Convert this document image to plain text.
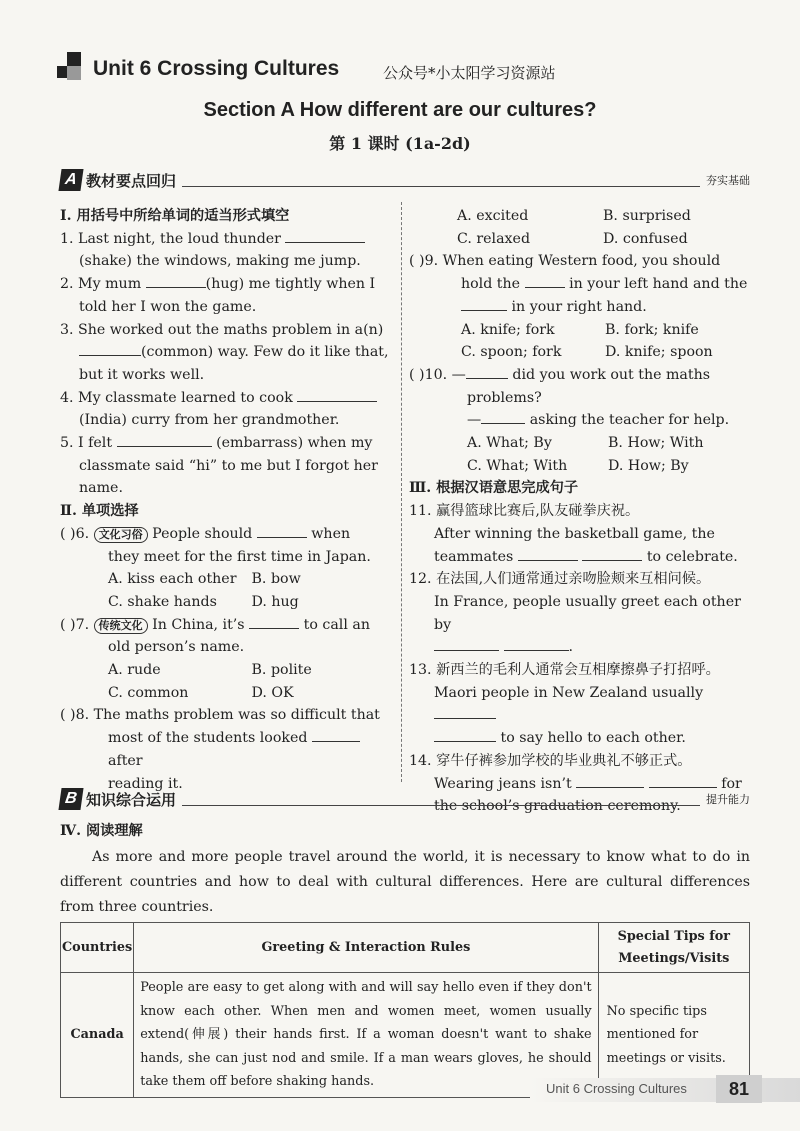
Unit 6 Crossing Cultures	公众号*小太阳学习资源站
Section A How different are our cultures?
第 1 课时 (1a-2d)
A 教材要点回归	夯实基础

Ⅰ. 用括号中所给单词的适当形式填空

1. Last night, the loud thunder

(shake) the windows, making me jump.

2. My mum	(hug) me tightly when I

told her I won the game.

3. She worked out the maths problem in a(n)

(common) way. Few do it like that,

but it works well.

4. My classmate learned to cook

(India) curry from her grandmother.

5. I felt	(embarrass) when my

classmate said “hi” to me but I forgot her

name.

Ⅱ. 单项选择

( )6. 文化习俗 People should	when

they meet for the first time in Japan.

A. kiss each other	B. bow
C. shake hands	D. hug

( )7. 传统文化 In China, it’s	to call an

old person’s name.

A. rude	B. polite
C. common	D. OK

( )8. The maths problem was so difficult that

most of the students looked  after

reading it.

A. excited	B. surprised
C. relaxed	D. confused

( )9. When eating Western food, you should

hold the	in your left hand and the

in your right hand.

A. knife; fork	B. fork; knife
C. spoon; fork	D. knife; spoon

( )10. —	did you work out the maths

problems?

—	asking the teacher for help.

A. What; By	B. How; With
C. What; With	D. How; By

Ⅲ. 根据汉语意思完成句子

11. 赢得篮球比赛后,队友碰拳庆祝。

After winning the basketball game, the

teammates	to celebrate.

12. 在法国,人们通常通过亲吻脸颊来互相问候。

In France, people usually greet each other by

.

13. 新西兰的毛利人通常会互相摩擦鼻子打招呼。

Maori people in New Zealand usually

to say hello to each other.

14. 穿牛仔裤参加学校的毕业典礼不够正式。

Wearing jeans isn’t	for

the school’s graduation ceremony.

B 知识综合运用	提升能力
Ⅳ. 阅读理解
As more and more people travel around the world, it is necessary to know what to do in different countries and how to deal with cultural differences. Here are cultural differences from three countries.
Countries	Greeting & Interaction Rules	Special Tips for Meetings/Visits
Canada	People are easy to get along with and will say hello even if they don't know each other. When men and women meet, women usually extend(伸展) their hands first. If a woman doesn't want to shake hands, she can just nod and smile. If a man wears gloves, he should take them off before shaking hands.	No specific tips mentioned for meetings or visits.
Unit 6 Crossing Cultures	81
